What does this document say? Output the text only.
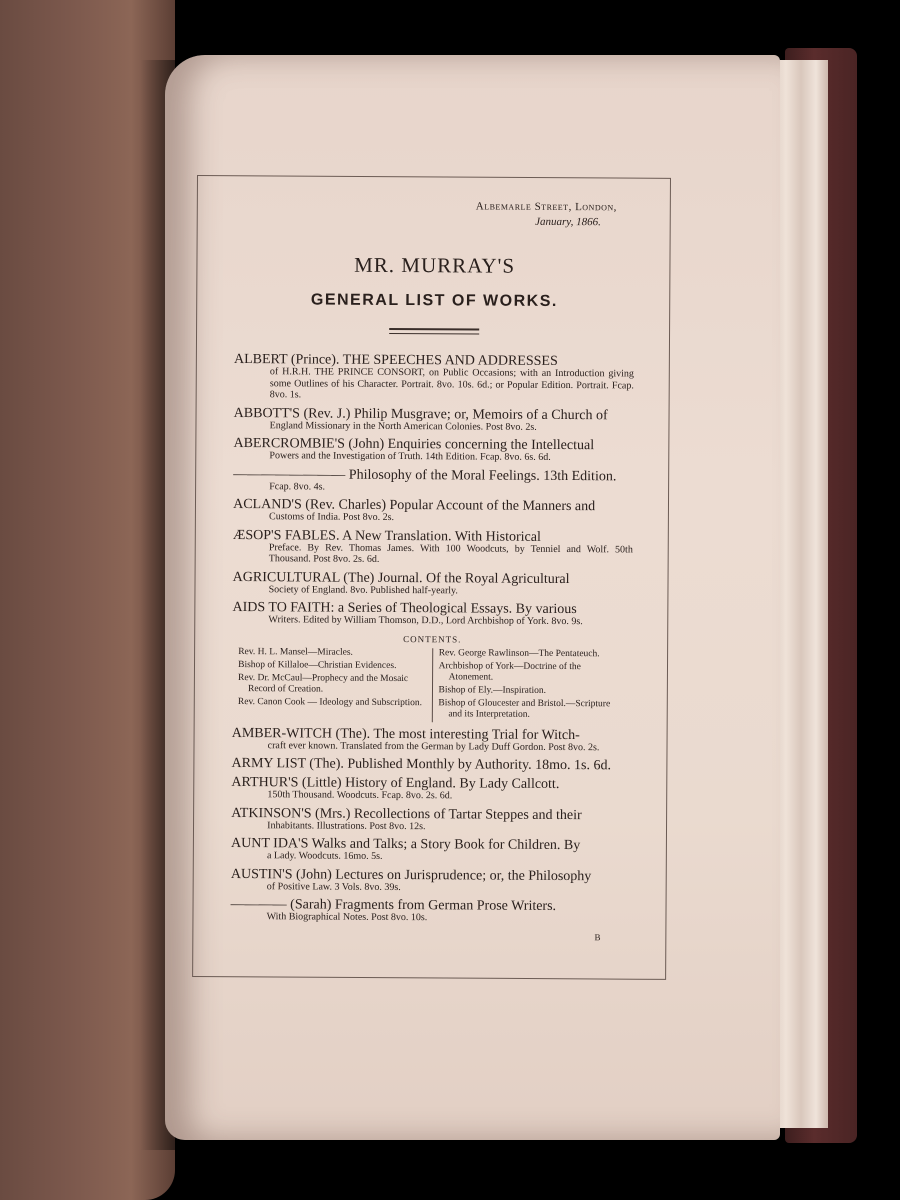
Albemarle Street, London,
January, 1866.
MR. MURRAY'S
GENERAL LIST OF WORKS.
ALBERT (Prince). THE SPEECHES AND ADDRESSES
of H.R.H. THE PRINCE CONSORT, on Public Occasions; with an Introduction giving some Outlines of his Character. Portrait. 8vo. 10s. 6d.; or Popular Edition. Portrait. Fcap. 8vo. 1s.
ABBOTT'S (Rev. J.) Philip Musgrave; or, Memoirs of a Church of
England Missionary in the North American Colonies. Post 8vo. 2s.
ABERCROMBIE'S (John) Enquiries concerning the Intellectual
Powers and the Investigation of Truth. 14th Edition. Fcap. 8vo. 6s. 6d.
———————— Philosophy of the Moral Feelings. 13th Edition.
Fcap. 8vo. 4s.
ACLAND'S (Rev. Charles) Popular Account of the Manners and
Customs of India. Post 8vo. 2s.
ÆSOP'S FABLES. A New Translation. With Historical
Preface. By Rev. Thomas James. With 100 Woodcuts, by Tenniel and Wolf. 50th Thousand. Post 8vo. 2s. 6d.
AGRICULTURAL (The) Journal. Of the Royal Agricultural
Society of England. 8vo. Published half-yearly.
AIDS TO FAITH: a Series of Theological Essays. By various
Writers. Edited by William Thomson, D.D., Lord Archbishop of York. 8vo. 9s.
CONTENTS.

Rev. H. L. Mansel—Miracles.

Bishop of Killaloe—Christian Evidences.

Rev. Dr. McCaul—Prophecy and the Mosaic Record of Creation.

Rev. Canon Cook — Ideology and Subscription.

Rev. George Rawlinson—The Pentateuch.

Archbishop of York—Doctrine of the Atonement.

Bishop of Ely.—Inspiration.

Bishop of Gloucester and Bristol.—Scripture and its Interpretation.

AMBER-WITCH (The). The most interesting Trial for Witch-
craft ever known. Translated from the German by Lady Duff Gordon. Post 8vo. 2s.
ARMY LIST (The). Published Monthly by Authority. 18mo. 1s. 6d.
ARTHUR'S (Little) History of England. By Lady Callcott.
150th Thousand. Woodcuts. Fcap. 8vo. 2s. 6d.
ATKINSON'S (Mrs.) Recollections of Tartar Steppes and their
Inhabitants. Illustrations. Post 8vo. 12s.
AUNT IDA'S Walks and Talks; a Story Book for Children. By
a Lady. Woodcuts. 16mo. 5s.
AUSTIN'S (John) Lectures on Jurisprudence; or, the Philosophy
of Positive Law. 3 Vols. 8vo. 39s.
———— (Sarah) Fragments from German Prose Writers.
With Biographical Notes. Post 8vo. 10s.
B
